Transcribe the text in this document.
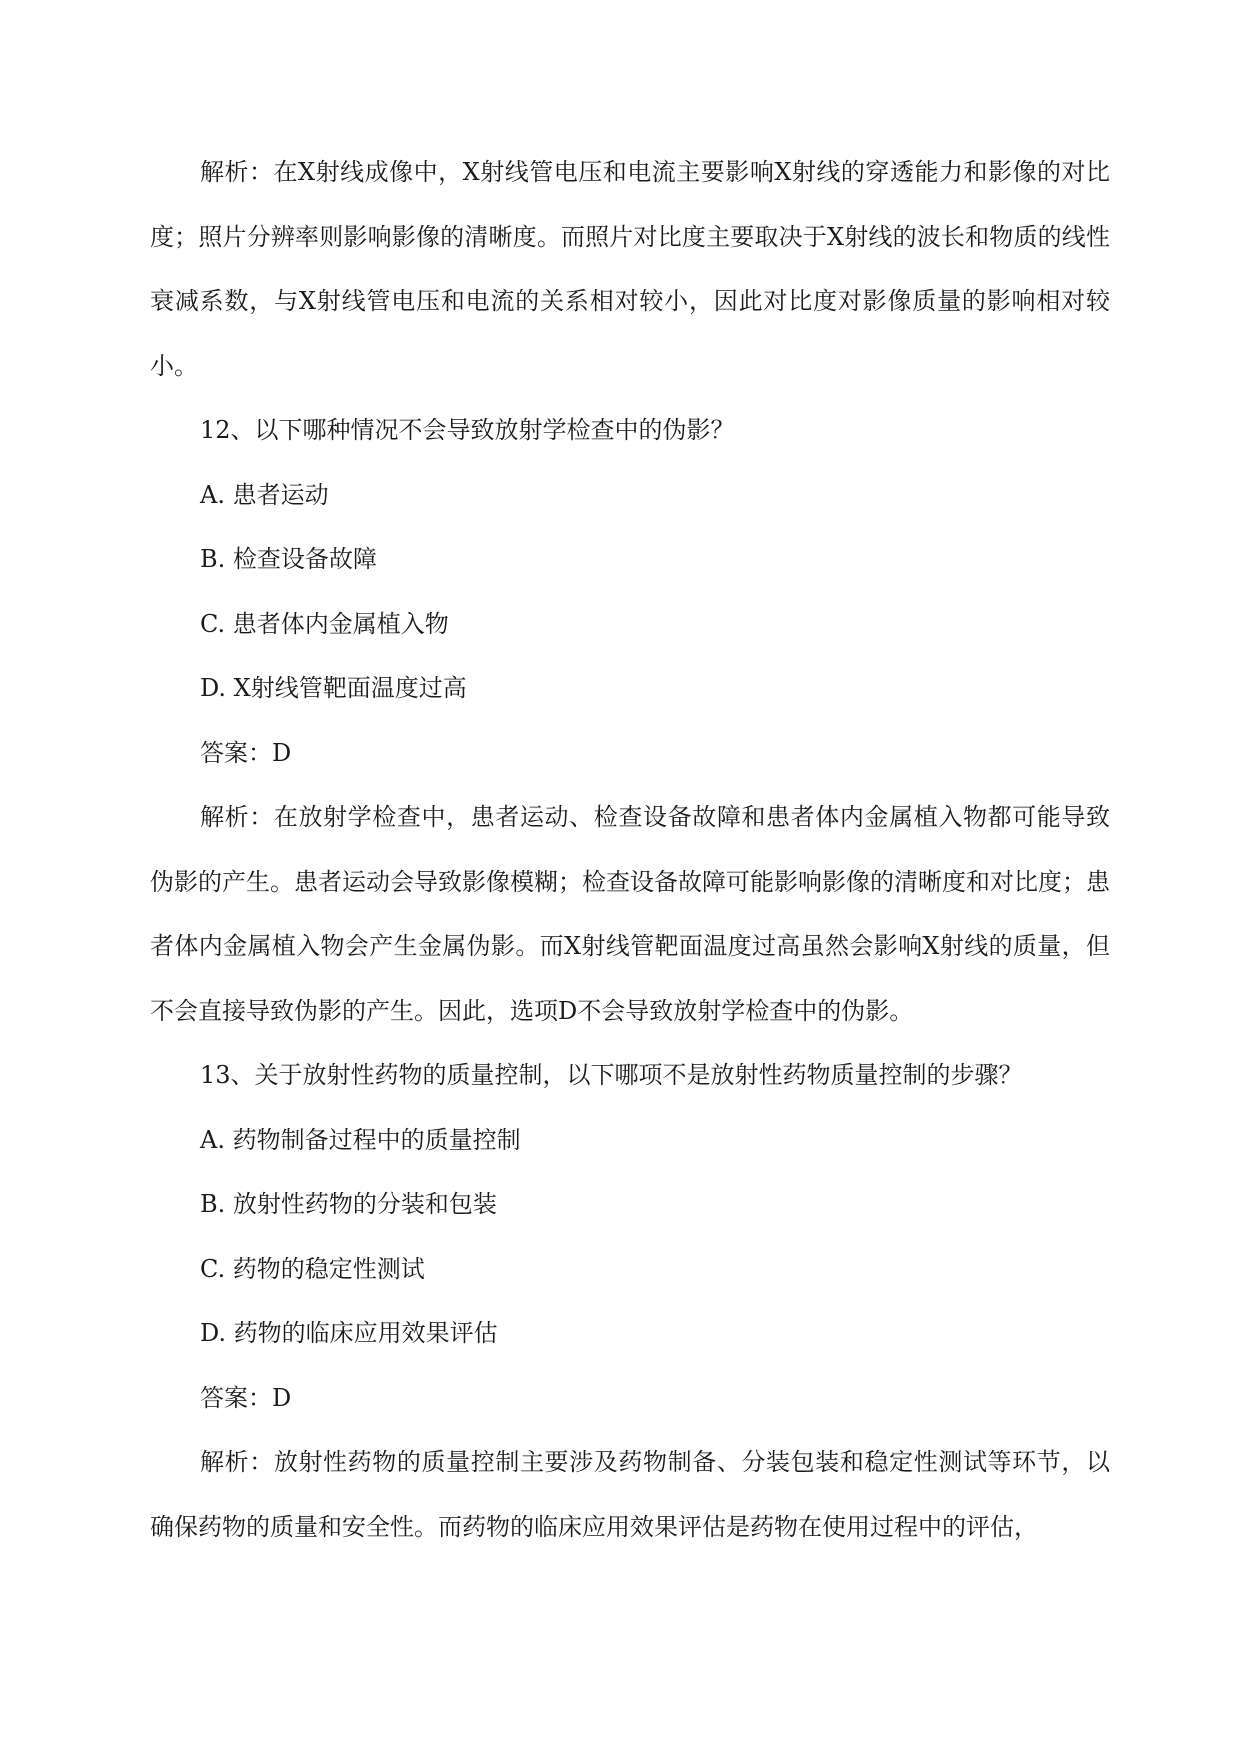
解析：在X射线成像中，X射线管电压和电流主要影响X射线的穿透能力和影像的对比度；照片分辨率则影响影像的清晰度。而照片对比度主要取决于X射线的波长和物质的线性衰减系数，与X射线管电压和电流的关系相对较小，因此对比度对影像质量的影响相对较小。

12、以下哪种情况不会导致放射学检查中的伪影？

A. 患者运动

B. 检查设备故障

C. 患者体内金属植入物

D. X射线管靶面温度过高

答案：D

解析：在放射学检查中，患者运动、检查设备故障和患者体内金属植入物都可能导致伪影的产生。患者运动会导致影像模糊；检查设备故障可能影响影像的清晰度和对比度；患者体内金属植入物会产生金属伪影。而X射线管靶面温度过高虽然会影响X射线的质量，但不会直接导致伪影的产生。因此，选项D不会导致放射学检查中的伪影。

13、关于放射性药物的质量控制，以下哪项不是放射性药物质量控制的步骤？

A. 药物制备过程中的质量控制

B. 放射性药物的分装和包装

C. 药物的稳定性测试

D. 药物的临床应用效果评估

答案：D

解析：放射性药物的质量控制主要涉及药物制备、分装包装和稳定性测试等环节，以确保药物的质量和安全性。而药物的临床应用效果评估是药物在使用过程中的评估，
